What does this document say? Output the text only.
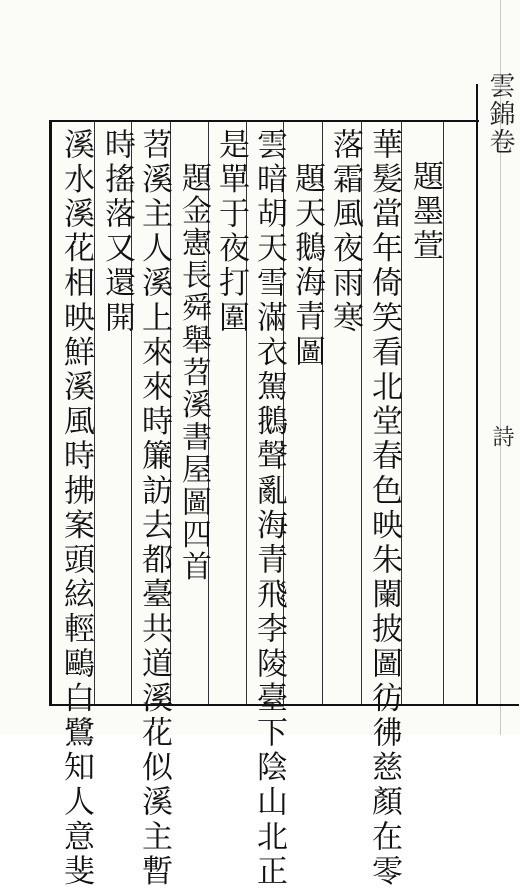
雲錦卷
詩
題墨萱
華髪當年倚笑看北堂春色映朱闌披圖彷彿慈顏在零
落霜風夜雨寒
題天鵝海青圖
雲暗胡天雪滿衣駕鵝聲亂海青飛李陵臺下陰山北正
是單于夜打圍
題金憲長舜舉苕溪書屋圖四首
苕溪主人溪上來來時簾訪去都臺共道溪花似溪主暫
時搖落又還開
溪水溪花相映鮮溪風時拂案頭絃輕鷗白鷺知人意斐
